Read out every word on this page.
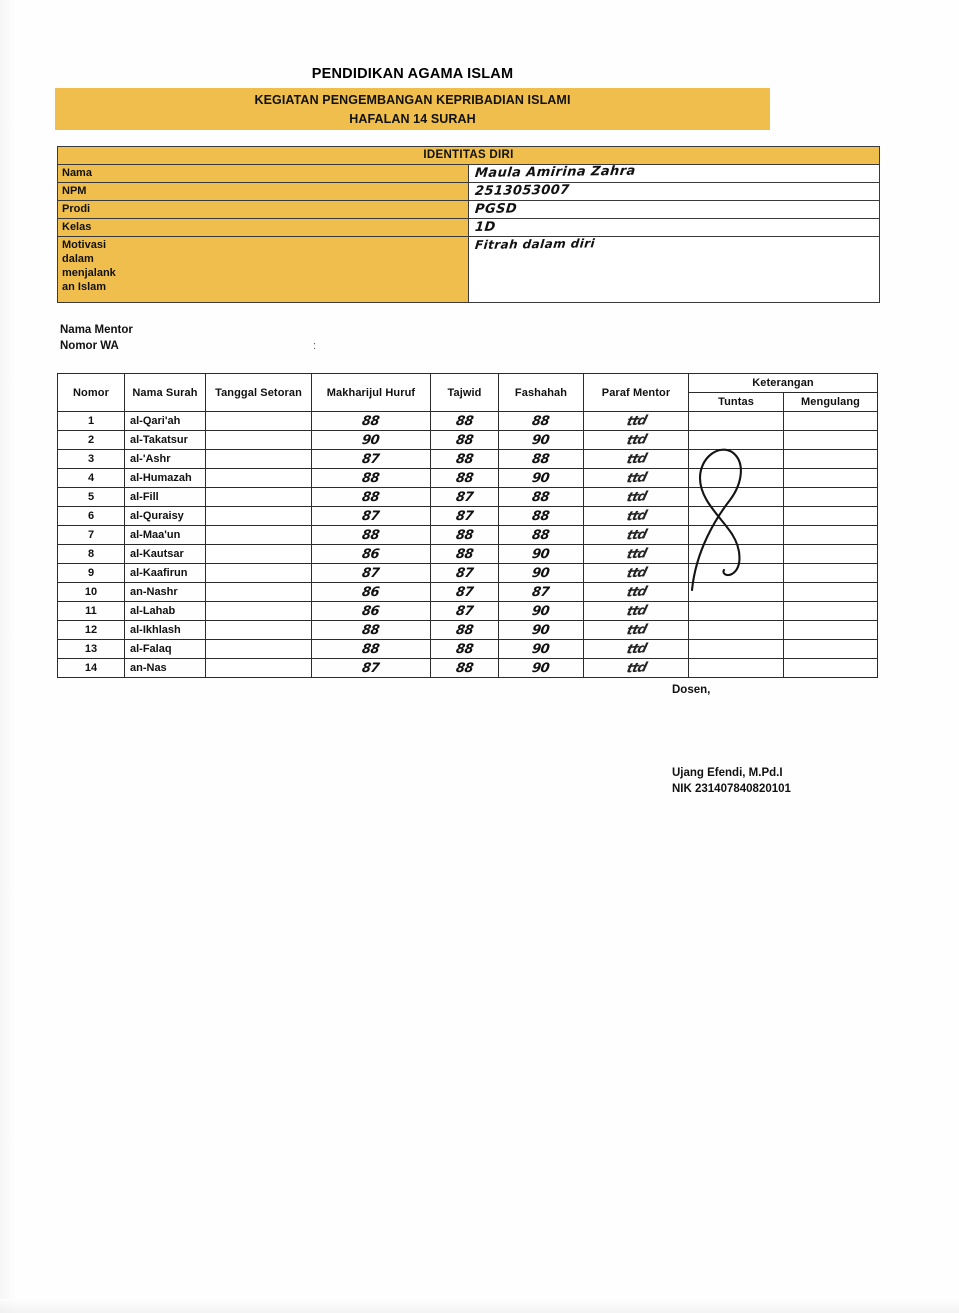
PENDIDIKAN AGAMA ISLAM
KEGIATAN PENGEMBANGAN KEPRIBADIAN ISLAMI
HAFALAN 14 SURAH
IDENTITAS DIRI	
Nama	Maula Amirina Zahra
NPM	2513053007
Prodi	PGSD
Kelas	1D

Motivasi
dalam
menjalank
an Islam	Fitrah dalam diri
Nama Mentor
Nomor WA	:
Nomor	Nama Surah	Tanggal Setoran	Makharijul Huruf	Tajwid	Fashahah	Paraf Mentor	Keterangan	
							Tuntas	Mengulang
1	al-Qari'ah		88	88	88	ttd		
2	al-Takatsur		90	88	90	ttd		
3	al-'Ashr		87	88	88	ttd		
4	al-Humazah		88	88	90	ttd		
5	al-Fill		88	87	88	ttd		
6	al-Quraisy		87	87	88	ttd		
7	al-Maa'un		88	88	88	ttd		
8	al-Kautsar		86	88	90	ttd		
9	al-Kaafirun		87	87	90	ttd		
10	an-Nashr		86	87	87	ttd		
11	al-Lahab		86	87	90	ttd		
12	al-Ikhlash		88	88	90	ttd		
13	al-Falaq		88	88	90	ttd		
14	an-Nas		87	88	90	ttd		
Dosen,
Ujang Efendi, M.Pd.I
NIK 231407840820101
